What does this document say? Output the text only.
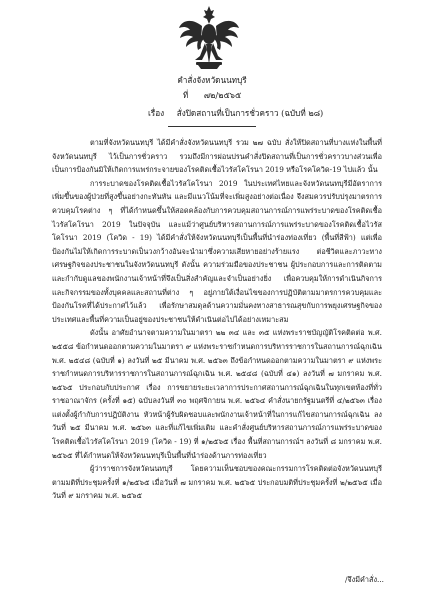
คำสั่งจังหวัดนนทบุรี
ที่ ๗๒/๒๕๖๕
เรื่อง สั่งปิดสถานที่เป็นการชั่วคราว (ฉบับที่ ๒๘)

ตามที่จังหวัดนนทบุรี ได้มีคำสั่งจังหวัดนนทบุรี รวม ๒๗ ฉบับ สั่งให้ปิดสถานที่บางแห่งในพื้นที่จังหวัดนนทบุรี ไว้เป็นการชั่วคราว รวมถึงมีการผ่อนปรนคำสั่งปิดสถานที่เป็นการชั่วคราวบางส่วนเพื่อเป็นการป้องกันมิให้เกิดการแพร่กระจายของโรคติดเชื้อไวรัสโคโรนา 2019 หรือโรคโควิด-19 ไปแล้ว นั้น

การระบาดของโรคติดเชื้อไวรัสโคโรนา 2019 ในประเทศไทยและจังหวัดนนทบุรีมีอัตราการเพิ่มขึ้นของผู้ป่วยที่สูงขึ้นอย่างกะทันหัน และมีแนวโน้มที่จะเพิ่มสูงอย่างต่อเนื่อง จึงสมควรปรับปรุงมาตรการควบคุมโรคต่าง ๆ ที่ได้กำหนดขึ้นให้สอดคล้องกับการควบคุมสถานการณ์การแพร่ระบาดของโรคติดเชื้อไวรัสโคโรนา 2019 ในปัจจุบัน และแม้ว่าศูนย์บริหารสถานการณ์การแพร่ระบาดของโรคติดเชื้อไวรัสโคโรนา 2019 (โควิด - 19) ได้มีคำสั่งให้จังหวัดนนทบุรีเป็นพื้นที่นำร่องท่องเที่ยว (พื้นที่สีฟ้า) แต่เพื่อป้องกันไม่ให้เกิดการระบาดเป็นวงกว้างอันจะนำมาซึ่งความเสียหายอย่างร้ายแรง ต่อชีวิตและภาวะทางเศรษฐกิจของประชาชนในจังหวัดนนทบุรี ดังนั้น ความร่วมมือของประชาชน ผู้ประกอบการและการติดตามและกำกับดูแลของพนักงานเจ้าหน้าที่จึงเป็นสิ่งสำคัญและจำเป็นอย่างยิ่ง เพื่อควบคุมให้การดำเนินกิจการและกิจกรรมของทั้งบุคคลและสถานที่ต่าง ๆ อยู่ภายใต้เงื่อนไขของการปฏิบัติตามมาตรการควบคุมและป้องกันโรคที่ได้ประกาศไว้แล้ว เพื่อรักษาสมดุลด้านความมั่นคงทางสาธารณสุขกับการพยุงเศรษฐกิจของประเทศและพื้นที่ความเป็นอยู่ของประชาชนให้ดำเนินต่อไปได้อย่างเหมาะสม

ดังนั้น อาศัยอำนาจตามความในมาตรา ๒๒ ๓๔ และ ๓๕ แห่งพระราชบัญญัติโรคติดต่อ พ.ศ. ๒๕๕๘ ข้อกำหนดออกตามความในมาตรา ๙ แห่งพระราชกำหนดการบริหารราชการในสถานการณ์ฉุกเฉิน พ.ศ. ๒๕๔๘ (ฉบับที่ ๑) ลงวันที่ ๒๕ มีนาคม พ.ศ. ๒๕๖๓ ถึงข้อกำหนดออกตามความในมาตรา ๙ แห่งพระราชกำหนดการบริหารราชการในสถานการณ์ฉุกเฉิน พ.ศ. ๒๕๔๘ (ฉบับที่ ๔๑) ลงวันที่ ๗ มกราคม พ.ศ. ๒๕๖๕ ประกอบกับประกาศ เรื่อง การขยายระยะเวลาการประกาศสถานการณ์ฉุกเฉินในทุกเขตท้องที่ทั่วราชอาณาจักร (ครั้งที่ ๑๕) ฉบับลงวันที่ ๓๐ พฤศจิกายน พ.ศ. ๒๕๖๔ คำสั่งนายกรัฐมนตรีที่ ๔/๒๕๖๓ เรื่อง แต่งตั้งผู้กำกับการปฏิบัติงาน หัวหน้าผู้รับผิดชอบและพนักงานเจ้าหน้าที่ในการแก้ไขสถานการณ์ฉุกเฉิน ลงวันที่ ๒๕ มีนาคม พ.ศ. ๒๕๖๓ และที่แก้ไขเพิ่มเติม และคำสั่งศูนย์บริหารสถานการณ์การแพร่ระบาดของโรคติดเชื้อไวรัสโคโรนา 2019 (โควิด - 19) ที่ ๑/๒๕๖๕ เรื่อง พื้นที่สถานการณ์ฯ ลงวันที่ ๘ มกราคม พ.ศ. ๒๕๖๕ ที่ได้กำหนดให้จังหวัดนนทบุรีเป็นพื้นที่นำร่องด้านการท่องเที่ยว

ผู้ว่าราชการจังหวัดนนทบุรี โดยความเห็นชอบของคณะกรรมการโรคติดต่อจังหวัดนนทบุรี ตามมติที่ประชุมครั้งที่ ๑/๒๕๖๕ เมื่อวันที่ ๗ มกราคม พ.ศ. ๒๕๖๕ ประกอบมติที่ประชุมครั้งที่ ๒/๒๕๖๕ เมื่อวันที่ ๙ มกราคม พ.ศ. ๒๕๖๕

/จึงมีคำสั่ง...
